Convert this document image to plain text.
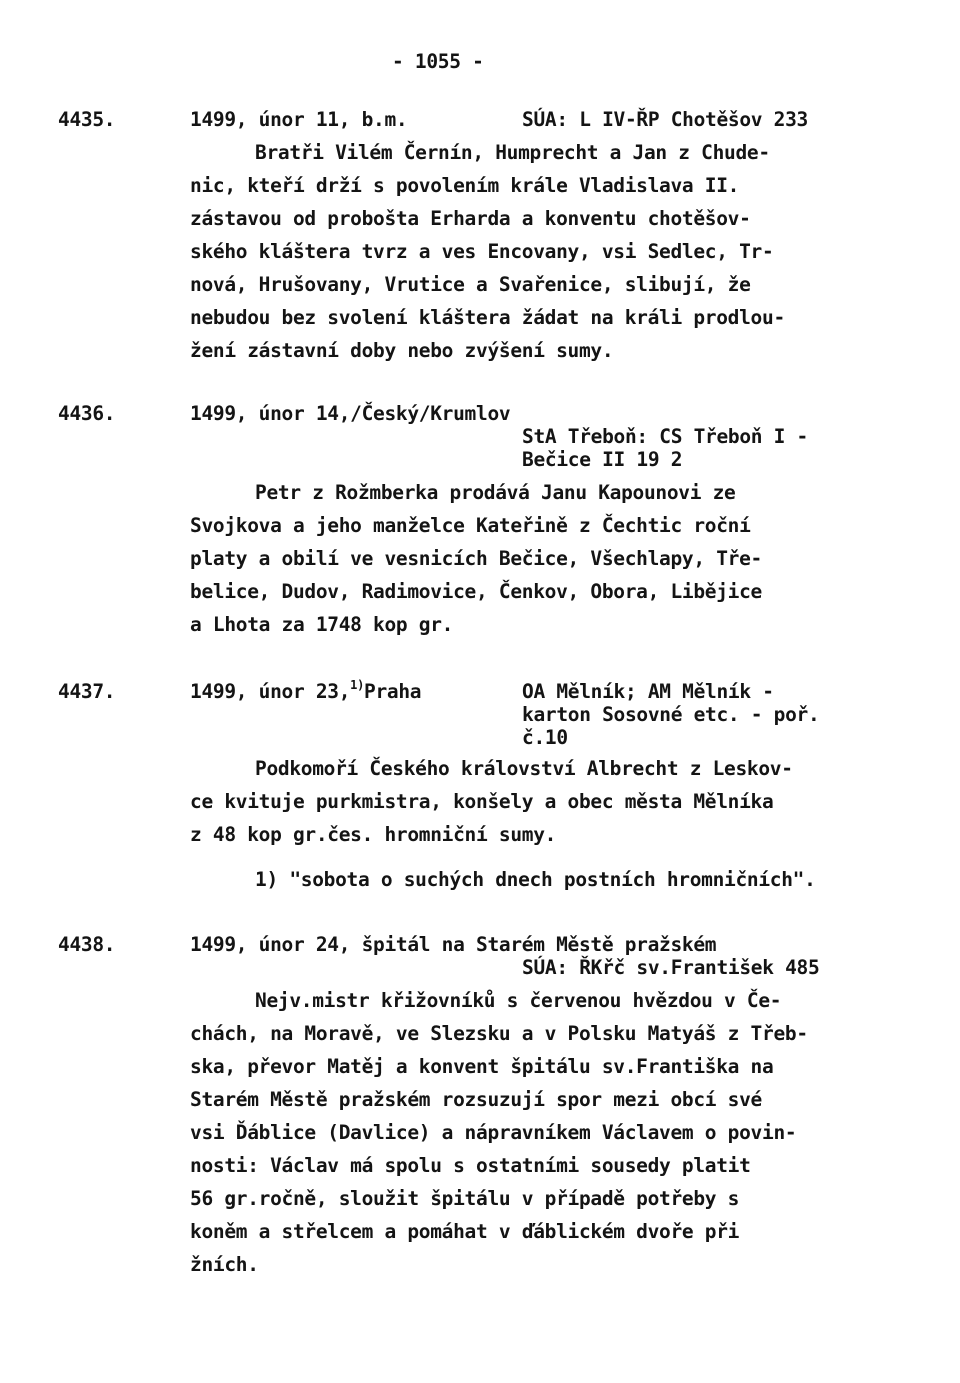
- 1055 -
4435.	1499, únor 11, b.m.	SÚA: L IV-ŘP Chotěšov 233
Bratři Vilém Černín, Humprecht a Jan z Chude-
nic, kteří drží s povolením krále Vladislava II.
zástavou od proboštа Erharda a konventu chotěšov-
ského kláštera tvrz a ves Encovany, vsi Sedlec, Tr-
nová, Hrušovany, Vrutice a Svařenice, slibují, že
nebudou bez svolení kláštera žádat na králi prodlou-
žení zástavní doby nebo zvýšení sumy.
4436.	1499, únor 14,/Český/Krumlov
StA Třeboň: CS Třeboň I -
Bečice II 19 2
Petr z Rožmberka prodává Janu Kapounovi ze
Svojkova a jeho manželce Kateřině z Čechtic roční
platy a obilí ve vesnicích Bečice, Všechlapy, Tře-
belice, Dudov, Radimovice, Čenkov, Obora, Libějice
a Lhota za 1748 kop gr.
4437.	1499, únor 23,$^{1)}$Praha	OA Mělník; AM Mělník -
karton Sosovné etc. - poř.
č.10
Podkomoří Českého království Albrecht z Leskov-
ce kvituje purkmistra, konšely a obec města Mělníka
z 48 kop gr.čes. hromniční sumy.
1) "sobota o suchých dnech postních hromničních".
4438.	1499, únor 24, špitál na Starém Městě pražském
SÚA: ŘKřč sv.František 485
Nejv.mistr křižovníků s červenou hvězdou v Če-
chách, na Moravě, ve Slezsku a v Polsku Matyáš z Třeb-
ska, převor Matěj a konvent špitálu sv.Františka na
Starém Městě pražském rozsuzují spor mezi obcí své
vsi Ďáblice (Davlice) a nápravníkem Václavem o povin-
nosti: Václav má spolu s ostatními sousedy platit
56 gr.ročně, sloužit špitálu v případě potřeby s
koněm a střelcem a pomáhat v ďáblickém dvoře při
žních.
